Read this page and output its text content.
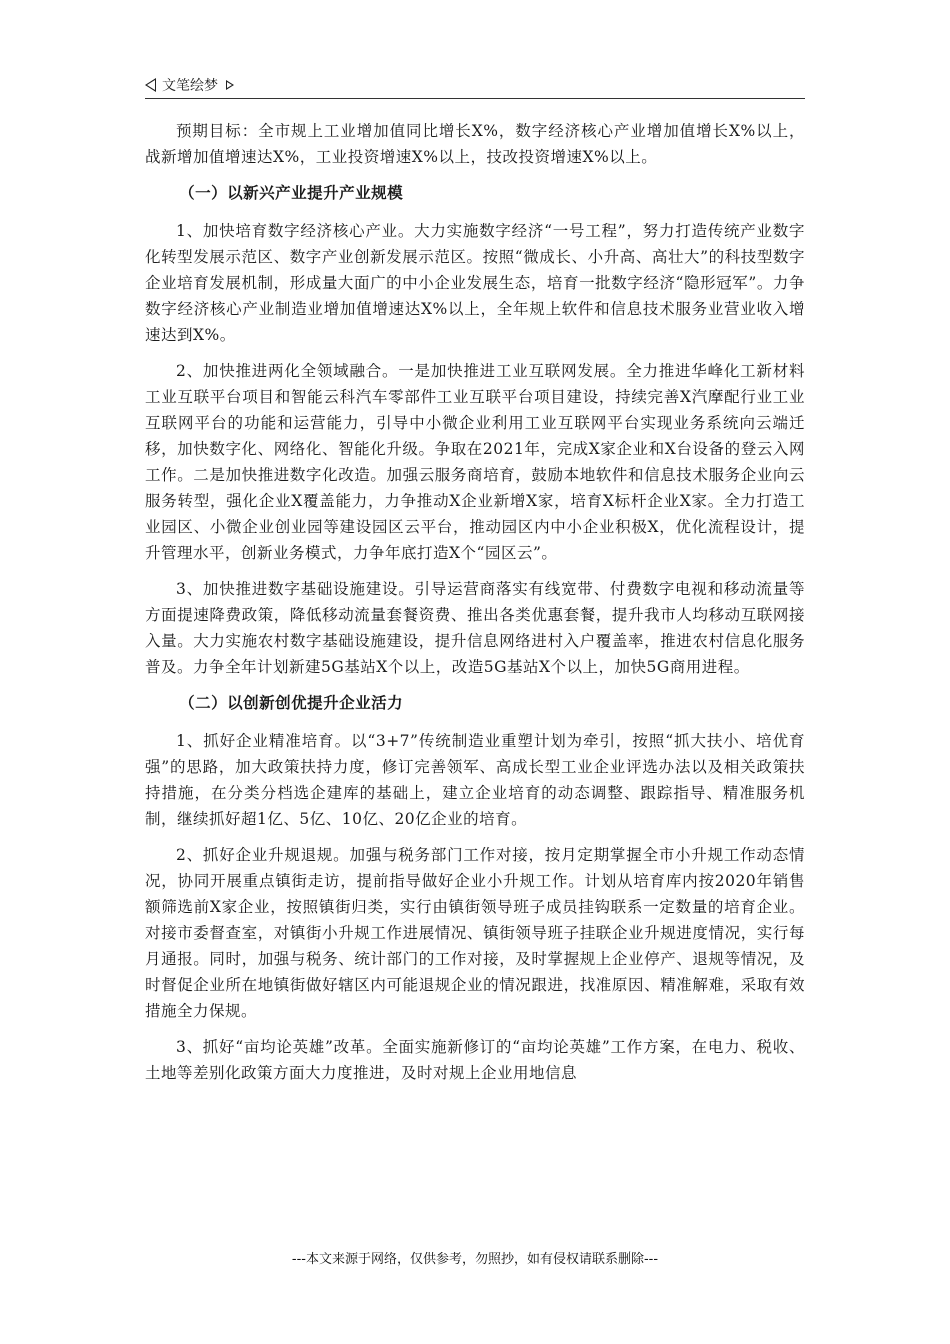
文笔绘梦

预期目标：全市规上工业增加值同比增长X%，数字经济核心产业增加值增长X%以上，战新增加值增速达X%，工业投资增速X%以上，技改投资增速X%以上。

（一）以新兴产业提升产业规模

1、加快培育数字经济核心产业。大力实施数字经济“一号工程”，努力打造传统产业数字化转型发展示范区、数字产业创新发展示范区。按照“微成长、小升高、高壮大”的科技型数字企业培育发展机制，形成量大面广的中小企业发展生态，培育一批数字经济“隐形冠军”。力争数字经济核心产业制造业增加值增速达X%以上，全年规上软件和信息技术服务业营业收入增速达到X%。

2、加快推进两化全领域融合。一是加快推进工业互联网发展。全力推进华峰化工新材料工业互联平台项目和智能云科汽车零部件工业互联平台项目建设，持续完善X汽摩配行业工业互联网平台的功能和运营能力，引导中小微企业利用工业互联网平台实现业务系统向云端迁移，加快数字化、网络化、智能化升级。争取在2021年，完成X家企业和X台设备的登云入网工作。二是加快推进数字化改造。加强云服务商培育，鼓励本地软件和信息技术服务企业向云服务转型，强化企业X覆盖能力，力争推动X企业新增X家，培育X标杆企业X家。全力打造工业园区、小微企业创业园等建设园区云平台，推动园区内中小企业积极X，优化流程设计，提升管理水平，创新业务模式，力争年底打造X个“园区云”。

3、加快推进数字基础设施建设。引导运营商落实有线宽带、付费数字电视和移动流量等方面提速降费政策，降低移动流量套餐资费、推出各类优惠套餐，提升我市人均移动互联网接入量。大力实施农村数字基础设施建设，提升信息网络进村入户覆盖率，推进农村信息化服务普及。力争全年计划新建5G基站X个以上，改造5G基站X个以上，加快5G商用进程。

（二）以创新创优提升企业活力

1、抓好企业精准培育。以“3+7”传统制造业重塑计划为牵引，按照“抓大扶小、培优育强”的思路，加大政策扶持力度，修订完善领军、高成长型工业企业评选办法以及相关政策扶持措施，在分类分档选企建库的基础上，建立企业培育的动态调整、跟踪指导、精准服务机制，继续抓好超1亿、5亿、10亿、20亿企业的培育。

2、抓好企业升规退规。加强与税务部门工作对接，按月定期掌握全市小升规工作动态情况，协同开展重点镇街走访，提前指导做好企业小升规工作。计划从培育库内按2020年销售额筛选前X家企业，按照镇街归类，实行由镇街领导班子成员挂钩联系一定数量的培育企业。对接市委督查室，对镇街小升规工作进展情况、镇街领导班子挂联企业升规进度情况，实行每月通报。同时，加强与税务、统计部门的工作对接，及时掌握规上企业停产、退规等情况，及时督促企业所在地镇街做好辖区内可能退规企业的情况跟进，找准原因、精准解难，采取有效措施全力保规。

3、抓好“亩均论英雄”改革。全面实施新修订的“亩均论英雄”工作方案，在电力、税收、土地等差别化政策方面大力度推进，及时对规上企业用地信息

---本文来源于网络，仅供参考，勿照抄，如有侵权请联系删除---
